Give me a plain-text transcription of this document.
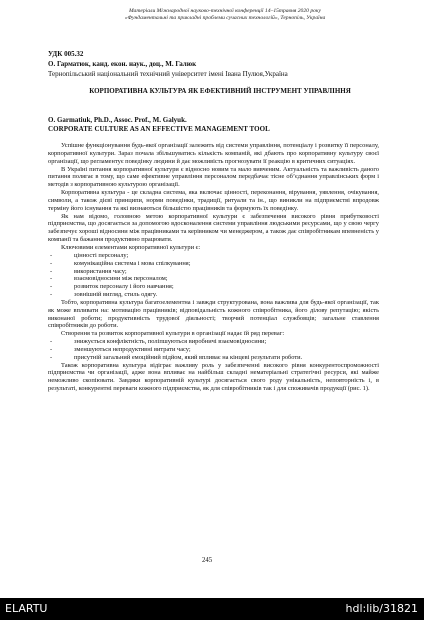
Матеріали Міжнародної науково-технічної конференції 14–15травня 2020 року
«Фундаментальні та прикладні проблеми сучасних технологій», Тернопіль, Україна
УДК 005.32
О. Гарматюк, канд. екон. наук., доц., М. Галюк
Тернопільський національний технічний університет імені Івана Пулюя,Україна
КОРПОРАТИВНА КУЛЬТУРА ЯК ЕФЕКТИВНИЙ ІНСТРУМЕНТ УПРАВЛІННЯ
O. Garmatiuk, Ph.D., Assoc. Prof., M. Galyuk.
CORPORATE CULTURE AS AN EFFECTIVE MANAGEMENT TOOL

Успішне функціонування будь-якої організації залежить від системи управління, потенціалу і розвитку її персоналу, корпоративної культури. Зараз почала збільшуватись кількість компаній, які дбають про корпоративну культуру своєї організації, що регламентує поведінку людини й дає можливість прогнозувати її реакцію в критичних ситуаціях.

В Україні питання корпоративної культури є відносно новим та мало вивченим. Актуальність та важливість даного питання полягає в тому, що саме ефективне управління персоналом передбачає тісне об’єднання управлінських форм і методів з корпоративною культурою організації.

Корпоративна культура - це складна система, яка включає цінності, переконання, вірування, уявлення, очікування, символи, а також дієві принципи, норми поведінки, традиції, ритуали та ін., що виникли на підприємстві впродовж терміну його існування та які визнаються більшістю працівників та формують їх поведінку.

Як нам відомо, головною метою корпоративної культури є забезпечення високого рівня прибутковості підприємства, що досягається за допомогою вдосконалення системи управління людськими ресурсами, що у свою чергу забезпечує хороші відносини між працівниками та керівником чи менеджером, а також дає співробітникам впевненість у компанії та бажання продуктивно працювати.

Ключовими елементами корпоративної культури є:

- цінності персоналу;
- комунікаційна система і мова спілкування;
- використання часу;
- взаємовідносини між персоналом;
- розвиток персоналу і його навчання;
- зовнішній вигляд, стиль одягу.

Тобто, корпоративна культура багатоелементна і завжди структурована, вона важлива для будь-якої організації, так як може впливати на: мотивацію працівників; відповідальність кожного співробітника, його ділову репутацію; якість виконаної роботи; продуктивність трудової діяльності; творчий потенціал службовців; загальне ставлення співробітників до роботи.

Створення та розвиток корпоративної культури в організації надає їй ряд переваг:

- знижується конфліктність, поліпшуються виробничі взаємовідносини;
- зменшуються непродуктивні витрати часу;
- присутній загальний емоційний підйом, який впливає на кінцеві результати роботи.

Також корпоративна культура відіграє важливу роль у забезпеченні високого рівня конкурентоспроможності підприємства чи організації, адже вона впливає на найбільш складні нематеріальні стратегічні ресурси, які майже неможливо скопіювати. Завдяки корпоративній культурі досягається свого роду унікальність, неповторність і, в результаті, конкурентні переваги кожного підприємства, як для співробітників так і для споживачів продукції (рис. 1).

245
ELARTU	hdl:lib/31821
